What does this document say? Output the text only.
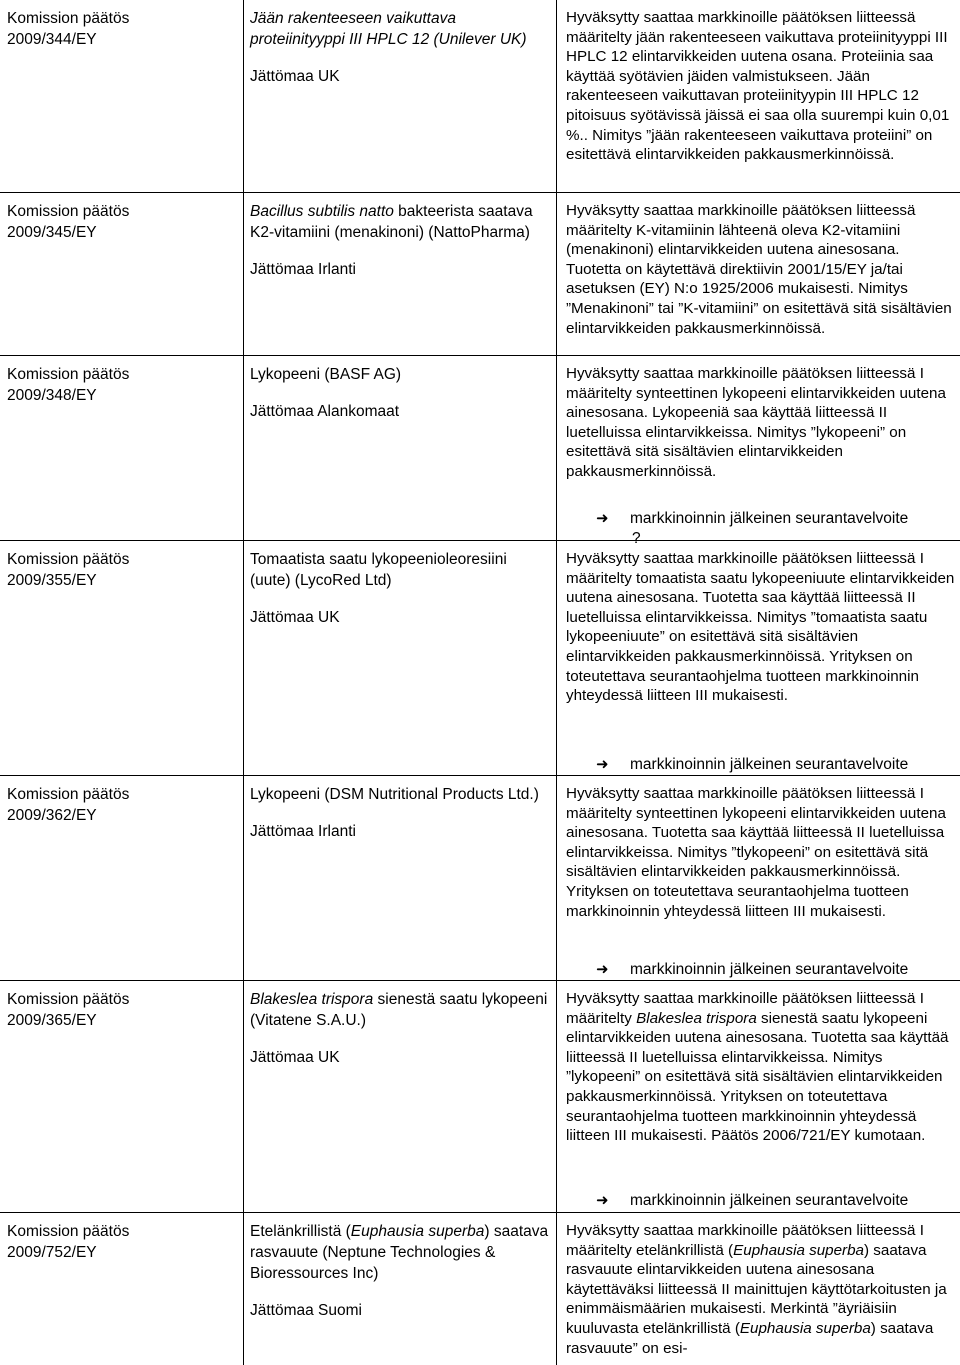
Komission päätös
2009/344/EY

Jään rakenteeseen vaikuttava proteiinityyppi III HPLC 12 (Unilever UK)

Jättömaa UK

Hyväksytty saattaa markkinoille päätöksen liitteessä määritelty jään rakenteeseen vaikuttava proteiinityyppi III HPLC 12 elintarvikkeiden uutena osana. Proteiinia saa käyttää syötävien jäiden valmistukseen. Jään rakenteeseen vaikuttavan proteiinityypin III HPLC 12 pitoisuus syötävissä jäissä ei saa olla suurempi kuin 0,01 %.. Nimitys ”jään rakenteeseen vaikuttava proteiini” on esitettävä elintarvikkeiden pakkausmerkinnöissä.

Komission päätös
2009/345/EY

Bacillus subtilis natto bakteerista saatava K2-vitamiini (menakinoni) (NattoPharma)

Jättömaa Irlanti

Hyväksytty saattaa markkinoille päätöksen liitteessä määritelty K-vitamiinin lähteenä oleva K2-vitamiini (menakinoni) elintarvikkeiden uutena ainesosana. Tuotetta on käytettävä direktiivin 2001/15/EY ja/tai asetuksen (EY) N:o 1925/2006 mukaisesti. Nimitys ”Menakinoni” tai ”K-vitamiini” on esitettävä sitä sisältävien elintarvikkeiden pakkausmerkinnöissä.

Komission päätös
2009/348/EY

Lykopeeni (BASF AG)

Jättömaa Alankomaat

Hyväksytty saattaa markkinoille päätöksen liitteessä I määritelty synteettinen lykopeeni elintarvikkeiden uutena ainesosana. Lykopeeniä saa käyttää liitteessä II luetelluissa elintarvikkeissa. Nimitys ”lykopeeni” on esitettävä sitä sisältävien elintarvikkeiden pakkausmerkinnöissä.

➜ markkinoinnin jälkeinen seurantavelvoite
?
Komission päätös
2009/355/EY

Tomaatista saatu lykopeenioleoresiini (uute) (LycoRed Ltd)

Jättömaa UK

Hyväksytty saattaa markkinoille päätöksen liitteessä I määritelty tomaatista saatu lykopeeniuute elintarvikkeiden uutena ainesosana. Tuotetta saa käyttää liitteessä II luetelluissa elintarvikkeissa. Nimitys ”tomaatista saatu lykopeeniuute” on esitettävä sitä sisältävien elintarvikkeiden pakkausmerkinnöissä. Yrityksen on toteutettava seurantaohjelma tuotteen markkinoinnin yhteydessä liitteen III mukaisesti.

➜ markkinoinnin jälkeinen seurantavelvoite
Komission päätös
2009/362/EY

Lykopeeni (DSM Nutritional Products Ltd.)

Jättömaa Irlanti

Hyväksytty saattaa markkinoille päätöksen liitteessä I määritelty synteettinen lykopeeni elintarvikkeiden uutena ainesosana. Tuotetta saa käyttää liitteessä II luetelluissa elintarvikkeissa. Nimitys ”tlykopeeni” on esitettävä sitä sisältävien elintarvikkeiden pakkausmerkinnöissä. Yrityksen on toteutettava seurantaohjelma tuotteen markkinoinnin yhteydessä liitteen III mukaisesti.

➜ markkinoinnin jälkeinen seurantavelvoite
Komission päätös
2009/365/EY

Blakeslea trispora sienestä saatu lykopeeni (Vitatene S.A.U.)

Jättömaa UK

Hyväksytty saattaa markkinoille päätöksen liitteessä I määritelty Blakeslea trispora sienestä saatu lykopeeni elintarvikkeiden uutena ainesosana. Tuotetta saa käyttää liitteessä II luetelluissa elintarvikkeissa. Nimitys ”lykopeeni” on esitettävä sitä sisältävien elintarvikkeiden pakkausmerkinnöissä. Yrityksen on toteutettava seurantaohjelma tuotteen markkinoinnin yhteydessä liitteen III mukaisesti. Päätös 2006/721/EY kumotaan.

➜ markkinoinnin jälkeinen seurantavelvoite
Komission päätös
2009/752/EY

Etelänkrillistä (Euphausia superba) saatava rasvauute (Neptune Technologies & Bioressources Inc)

Jättömaa Suomi

Hyväksytty saattaa markkinoille päätöksen liitteessä I määritelty etelänkrillistä (Euphausia superba) saatava rasvauute elintarvikkeiden uutena ainesosana käytettäväksi liitteessä II mainittujen käyttötarkoitusten ja enimmäismäärien mukaisesti. Merkintä ”äyriäisiin kuuluvasta etelänkrillistä (Euphausia superba) saatava rasvauute” on esi-
